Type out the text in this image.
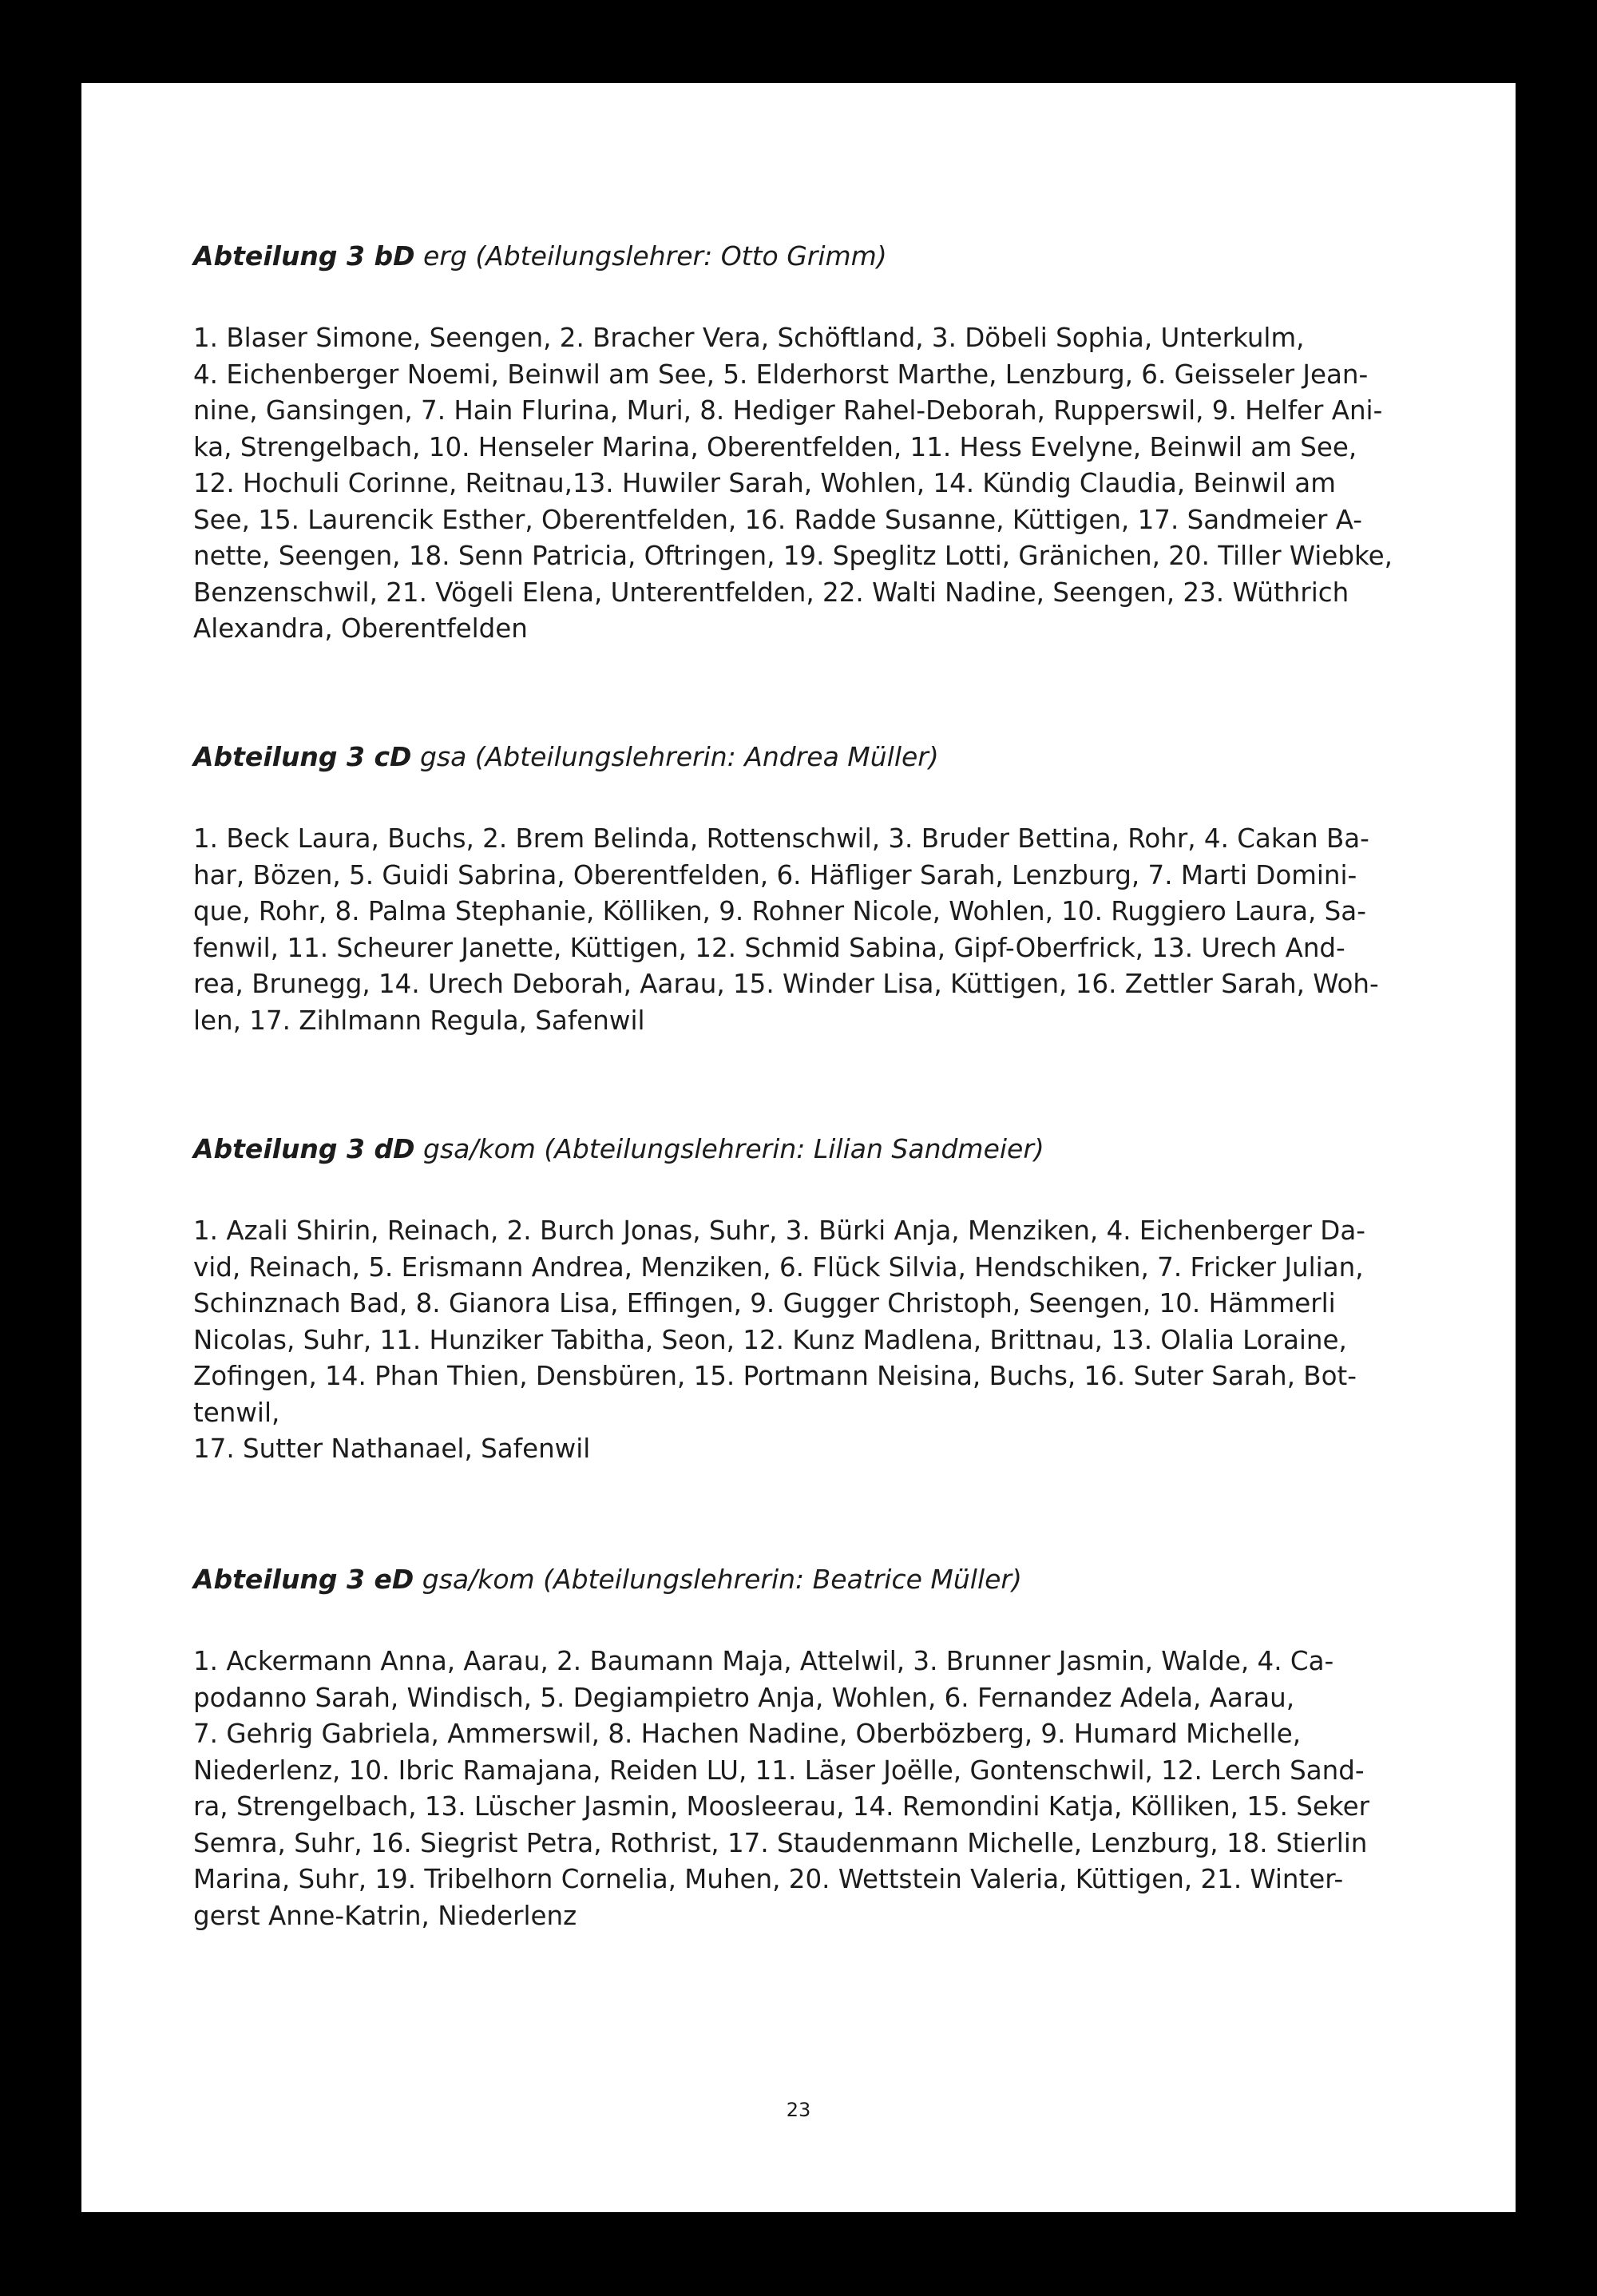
Abteilung 3 bD erg (Abteilungslehrer: Otto Grimm)
1. Blaser Simone, Seengen, 2. Bracher Vera, Schöftland, 3. Döbeli Sophia, Unterkulm,
4. Eichenberger Noemi, Beinwil am See, 5. Elderhorst Marthe, Lenzburg, 6. Geisseler Jean-
nine, Gansingen, 7. Hain Flurina, Muri, 8. Hediger Rahel-Deborah, Rupperswil, 9. Helfer Ani-
ka, Strengelbach, 10. Henseler Marina, Oberentfelden, 11. Hess Evelyne, Beinwil am See,
12. Hochuli Corinne, Reitnau,13. Huwiler Sarah, Wohlen, 14. Kündig Claudia, Beinwil am
See, 15. Laurencik Esther, Oberentfelden, 16. Radde Susanne, Küttigen, 17. Sandmeier A-
nette, Seengen, 18. Senn Patricia, Oftringen, 19. Speglitz Lotti, Gränichen, 20. Tiller Wiebke,
Benzenschwil, 21. Vögeli Elena, Unterentfelden, 22. Walti Nadine, Seengen, 23. Wüthrich
Alexandra, Oberentfelden
Abteilung 3 cD gsa (Abteilungslehrerin: Andrea Müller)
1. Beck Laura, Buchs, 2. Brem Belinda, Rottenschwil, 3. Bruder Bettina, Rohr, 4. Cakan Ba-
har, Bözen, 5. Guidi Sabrina, Oberentfelden, 6. Häfliger Sarah, Lenzburg, 7. Marti Domini-
que, Rohr, 8. Palma Stephanie, Kölliken, 9. Rohner Nicole, Wohlen, 10. Ruggiero Laura, Sa-
fenwil, 11. Scheurer Janette, Küttigen, 12. Schmid Sabina, Gipf-Oberfrick, 13. Urech And-
rea, Brunegg, 14. Urech Deborah, Aarau, 15. Winder Lisa, Küttigen, 16. Zettler Sarah, Woh-
len, 17. Zihlmann Regula, Safenwil
Abteilung 3 dD gsa/kom (Abteilungslehrerin: Lilian Sandmeier)
1. Azali Shirin, Reinach, 2. Burch Jonas, Suhr, 3. Bürki Anja, Menziken, 4. Eichenberger Da-
vid, Reinach, 5. Erismann Andrea, Menziken, 6. Flück Silvia, Hendschiken, 7. Fricker Julian,
Schinznach Bad, 8. Gianora Lisa, Effingen, 9. Gugger Christoph, Seengen, 10. Hämmerli
Nicolas, Suhr, 11. Hunziker Tabitha, Seon, 12. Kunz Madlena, Brittnau, 13. Olalia Loraine,
Zofingen, 14. Phan Thien, Densbüren, 15. Portmann Neisina, Buchs, 16. Suter Sarah, Bot-
tenwil,
17. Sutter Nathanael, Safenwil
Abteilung 3 eD gsa/kom (Abteilungslehrerin: Beatrice Müller)
1. Ackermann Anna, Aarau, 2. Baumann Maja, Attelwil, 3. Brunner Jasmin, Walde, 4. Ca-
podanno Sarah, Windisch, 5. Degiampietro Anja, Wohlen, 6. Fernandez Adela, Aarau,
7. Gehrig Gabriela, Ammerswil, 8. Hachen Nadine, Oberbözberg, 9. Humard Michelle,
Niederlenz, 10. Ibric Ramajana, Reiden LU, 11. Läser Joëlle, Gontenschwil, 12. Lerch Sand-
ra, Strengelbach, 13. Lüscher Jasmin, Moosleerau, 14. Remondini Katja, Kölliken, 15. Seker
Semra, Suhr, 16. Siegrist Petra, Rothrist, 17. Staudenmann Michelle, Lenzburg, 18. Stierlin
Marina, Suhr, 19. Tribelhorn Cornelia, Muhen, 20. Wettstein Valeria, Küttigen, 21. Winter-
gerst Anne-Katrin, Niederlenz
23
